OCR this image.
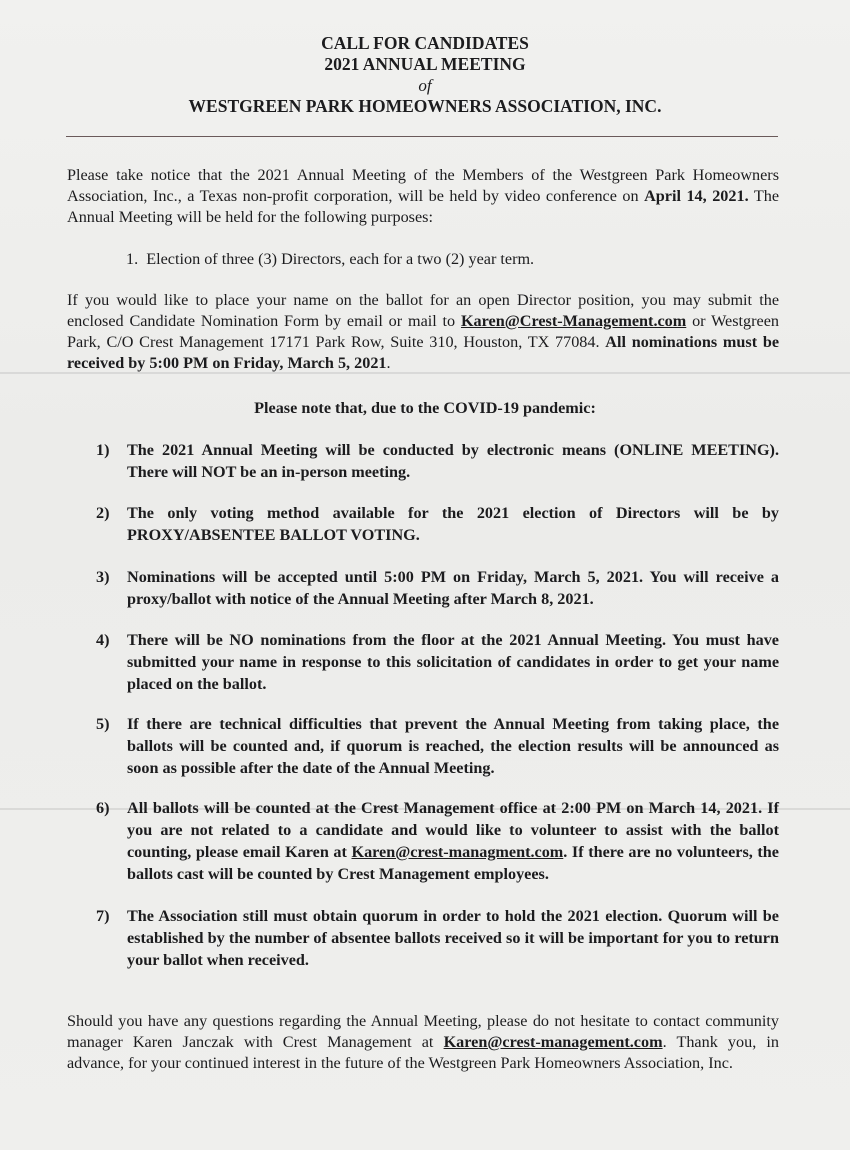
CALL FOR CANDIDATES

2021 ANNUAL MEETING

of

WESTGREEN PARK HOMEOWNERS ASSOCIATION, INC.

Please take notice that the 2021 Annual Meeting of the Members of the Westgreen Park Homeowners Association, Inc., a Texas non-profit corporation, will be held by video conference on April 14, 2021. The Annual Meeting will be held for the following purposes:

1.  Election of three (3) Directors, each for a two (2) year term.

If you would like to place your name on the ballot for an open Director position, you may submit the enclosed Candidate Nomination Form by email or mail to Karen@Crest-Management.com or Westgreen Park, C/O Crest Management 17171 Park Row, Suite 310, Houston, TX 77084. All nominations must be received by 5:00 PM on Friday, March 5, 2021.

Please note that, due to the COVID-19 pandemic:
1)	The 2021 Annual Meeting will be conducted by electronic means (ONLINE MEETING). There will NOT be an in-person meeting.
2)	The only voting method available for the 2021 election of Directors will be by PROXY/ABSENTEE BALLOT VOTING.
3)	Nominations will be accepted until 5:00 PM on Friday, March 5, 2021. You will receive a proxy/ballot with notice of the Annual Meeting after March 8, 2021.
4)	There will be NO nominations from the floor at the 2021 Annual Meeting. You must have submitted your name in response to this solicitation of candidates in order to get your name placed on the ballot.
5)	If there are technical difficulties that prevent the Annual Meeting from taking place, the ballots will be counted and, if quorum is reached, the election results will be announced as soon as possible after the date of the Annual Meeting.
6)	All ballots will be counted at the Crest Management office at 2:00 PM on March 14, 2021. If you are not related to a candidate and would like to volunteer to assist with the ballot counting, please email Karen at Karen@crest-managment.com. If there are no volunteers, the ballots cast will be counted by Crest Management employees.
7)	The Association still must obtain quorum in order to hold the 2021 election. Quorum will be established by the number of absentee ballots received so it will be important for you to return your ballot when received.

Should you have any questions regarding the Annual Meeting, please do not hesitate to contact community manager Karen Janczak with Crest Management at Karen@crest-management.com. Thank you, in advance, for your continued interest in the future of the Westgreen Park Homeowners Association, Inc.
